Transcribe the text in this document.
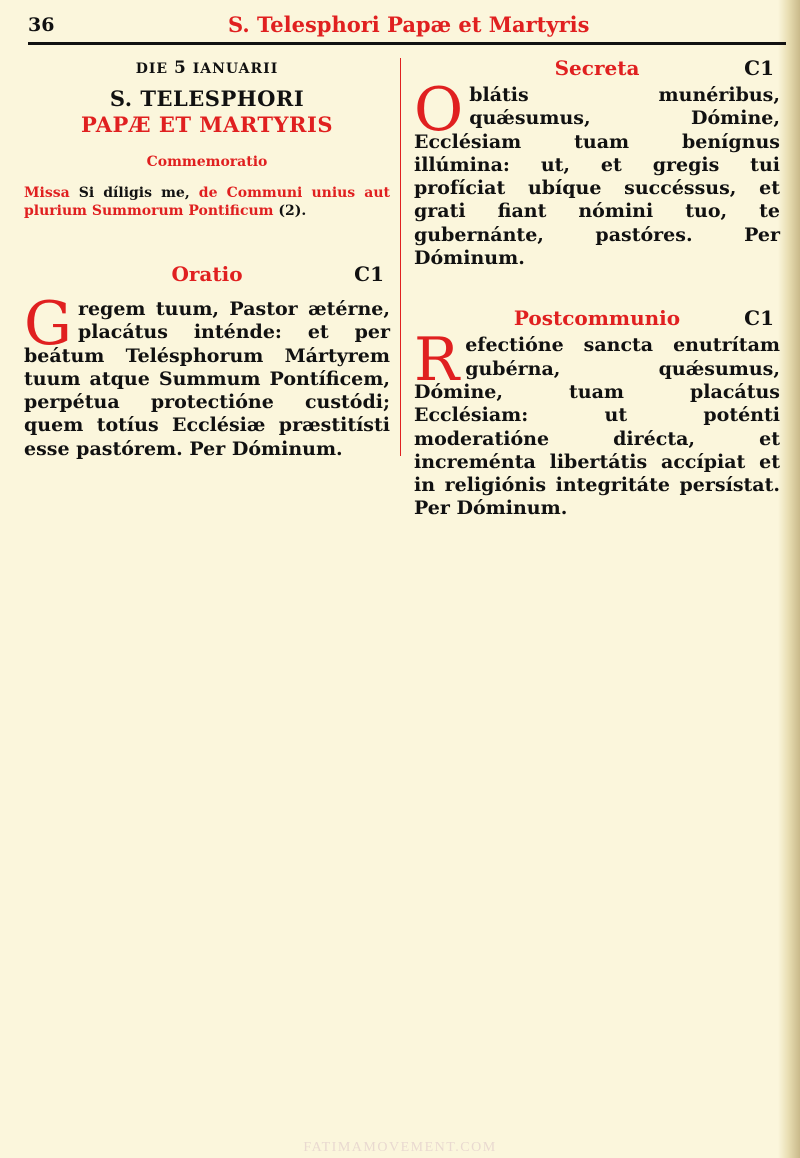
36	S. Telesphori Papæ et Martyris
DIE 5 IANUARII
S. TELESPHORI
PAPÆ ET MARTYRIS
Commemoratio
Missa Si díligis me, de Communi unius aut plurium Summorum Pontificum (2).
Oratio	C1

Gregem tuum, Pastor ætérne, placátus inténde: et per beátum Telésphorum Mártyrem tuum atque Summum Pontíficem, perpétua protectióne custódi; quem totíus Ecclésiæ præstitísti esse pastórem. Per Dóminum.

Secreta	C1

Oblátis munéribus, quǽsumus, Dómine, Ecclésiam tuam benígnus illúmina: ut, et gregis tui profíciat ubíque succéssus, et grati fiant nómini tuo, te gubernánte, pastóres. Per Dóminum.

Postcommunio	C1

Refectióne sancta enutrítam gubérna, quǽsumus, Dómine, tuam placátus Ecclésiam: ut poténti moderatióne dirécta, et increménta libertátis accípiat et in religiónis integritáte persístat. Per Dóminum.

FATIMAMOVEMENT.COM
